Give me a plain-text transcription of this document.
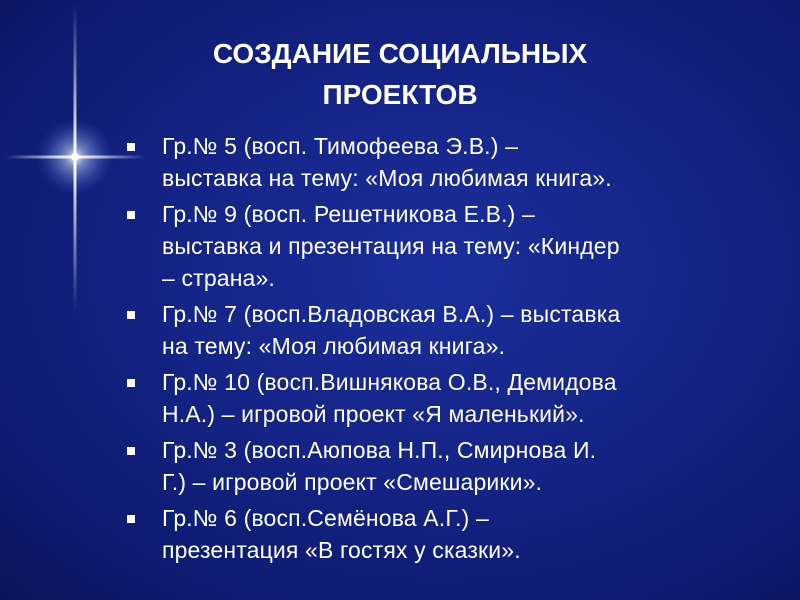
СОЗДАНИЕ СОЦИАЛЬНЫХ
ПРОЕКТОВ
Гр.№ 5 (восп. Тимофеева Э.В.) –
выставка на тему: «Моя любимая книга».
Гр.№ 9 (восп. Решетникова Е.В.) –
выставка и презентация на тему: «Киндер
– страна».
Гр.№ 7 (восп.Владовская В.А.) – выставка
на тему: «Моя любимая книга».
Гр.№ 10 (восп.Вишнякова О.В., Демидова
Н.А.) – игровой проект «Я маленький».
Гр.№ 3 (восп.Аюпова Н.П., Смирнова И.
Г.) – игровой проект «Смешарики».
Гр.№ 6 (восп.Семёнова А.Г.) –
презентация «В гостях у сказки».
